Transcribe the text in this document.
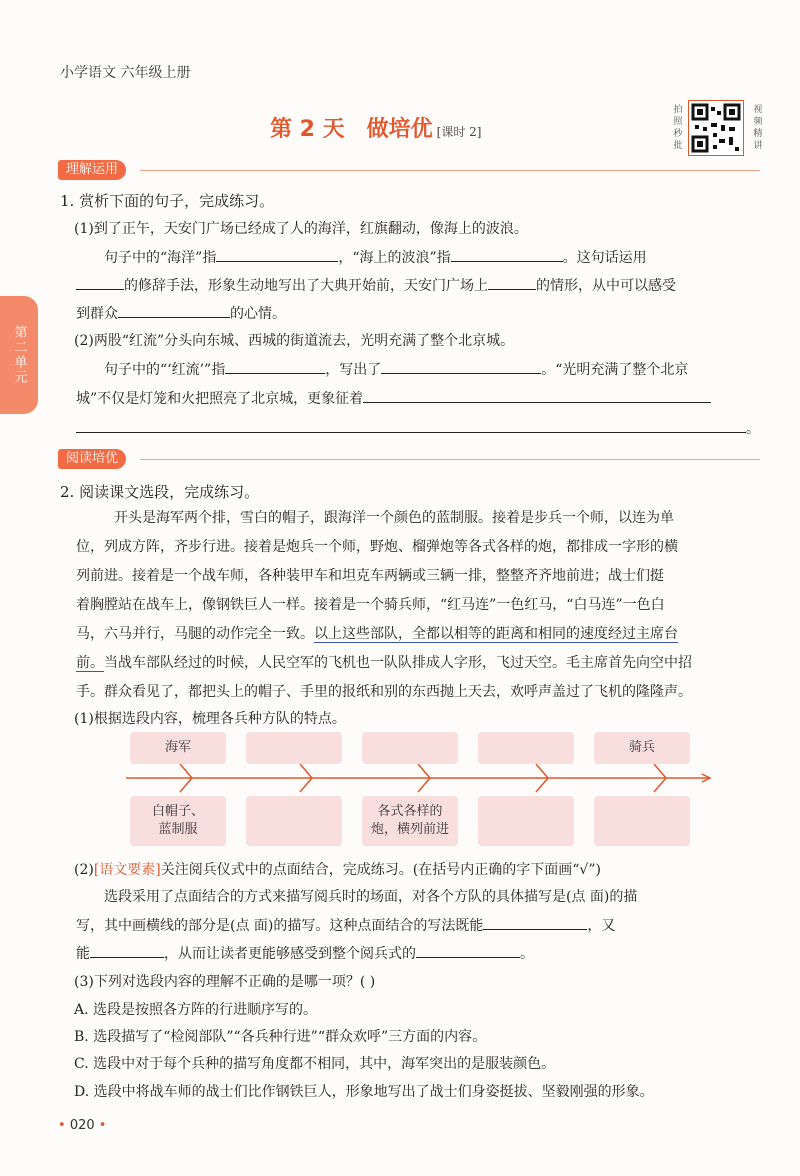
小学语文 六年级上册
第 2 天 做培优 [课时 2]
拍照秒批
视频精讲
第二单元
理解运用
1. 赏析下面的句子，完成练习。
(1)到了正午，天安门广场已经成了人的海洋，红旗翻动，像海上的波浪。
句子中的“海洋”指	，“海上的波浪”指	。这句话运用
的修辞手法，形象生动地写出了大典开始前，天安门广场上	的情形，从中可以感受
到群众	的心情。
(2)两股“红流”分头向东城、西城的街道流去，光明充满了整个北京城。
句子中的“‘红流’”指	，写出了	。“光明充满了整个北京
城”不仅是灯笼和火把照亮了北京城，更象征着
。
阅读培优
2. 阅读课文选段，完成练习。
开头是海军两个排，雪白的帽子，跟海洋一个颜色的蓝制服。接着是步兵一个师，以连为单
位，列成方阵，齐步行进。接着是炮兵一个师，野炮、榴弹炮等各式各样的炮，都排成一字形的横
列前进。接着是一个战车师，各种装甲车和坦克车两辆或三辆一排，整整齐齐地前进；战士们挺
着胸膛站在战车上，像钢铁巨人一样。接着是一个骑兵师，“红马连”一色红马，“白马连”一色白
马，六马并行，马腿的动作完全一致。以上这些部队，全都以相等的距离和相同的速度经过主席台
前。当战车部队经过的时候，人民空军的飞机也一队队排成人字形，飞过天空。毛主席首先向空中招
手。群众看见了，都把头上的帽子、手里的报纸和别的东西抛上天去，欢呼声盖过了飞机的隆隆声。
(1)根据选段内容，梳理各兵种方队的特点。
海军	骑兵
白帽子、
蓝制服
各式各样的
炮，横列前进
(2)[语文要素]关注阅兵仪式中的点面结合，完成练习。(在括号内正确的字下面画“√”)
选段采用了点面结合的方式来描写阅兵时的场面，对各个方队的具体描写是(点 面)的描
写，其中画横线的部分是(点 面)的描写。这种点面结合的写法既能	，又
能	，从而让读者更能够感受到整个阅兵式的	。
(3)下列对选段内容的理解不正确的是哪一项？( )
A. 选段是按照各方阵的行进顺序写的。
B. 选段描写了“检阅部队”“各兵种行进”“群众欢呼”三方面的内容。
C. 选段中对于每个兵种的描写角度都不相同，其中，海军突出的是服装颜色。
D. 选段中将战车师的战士们比作钢铁巨人，形象地写出了战士们身姿挺拔、坚毅刚强的形象。
• 020 •
